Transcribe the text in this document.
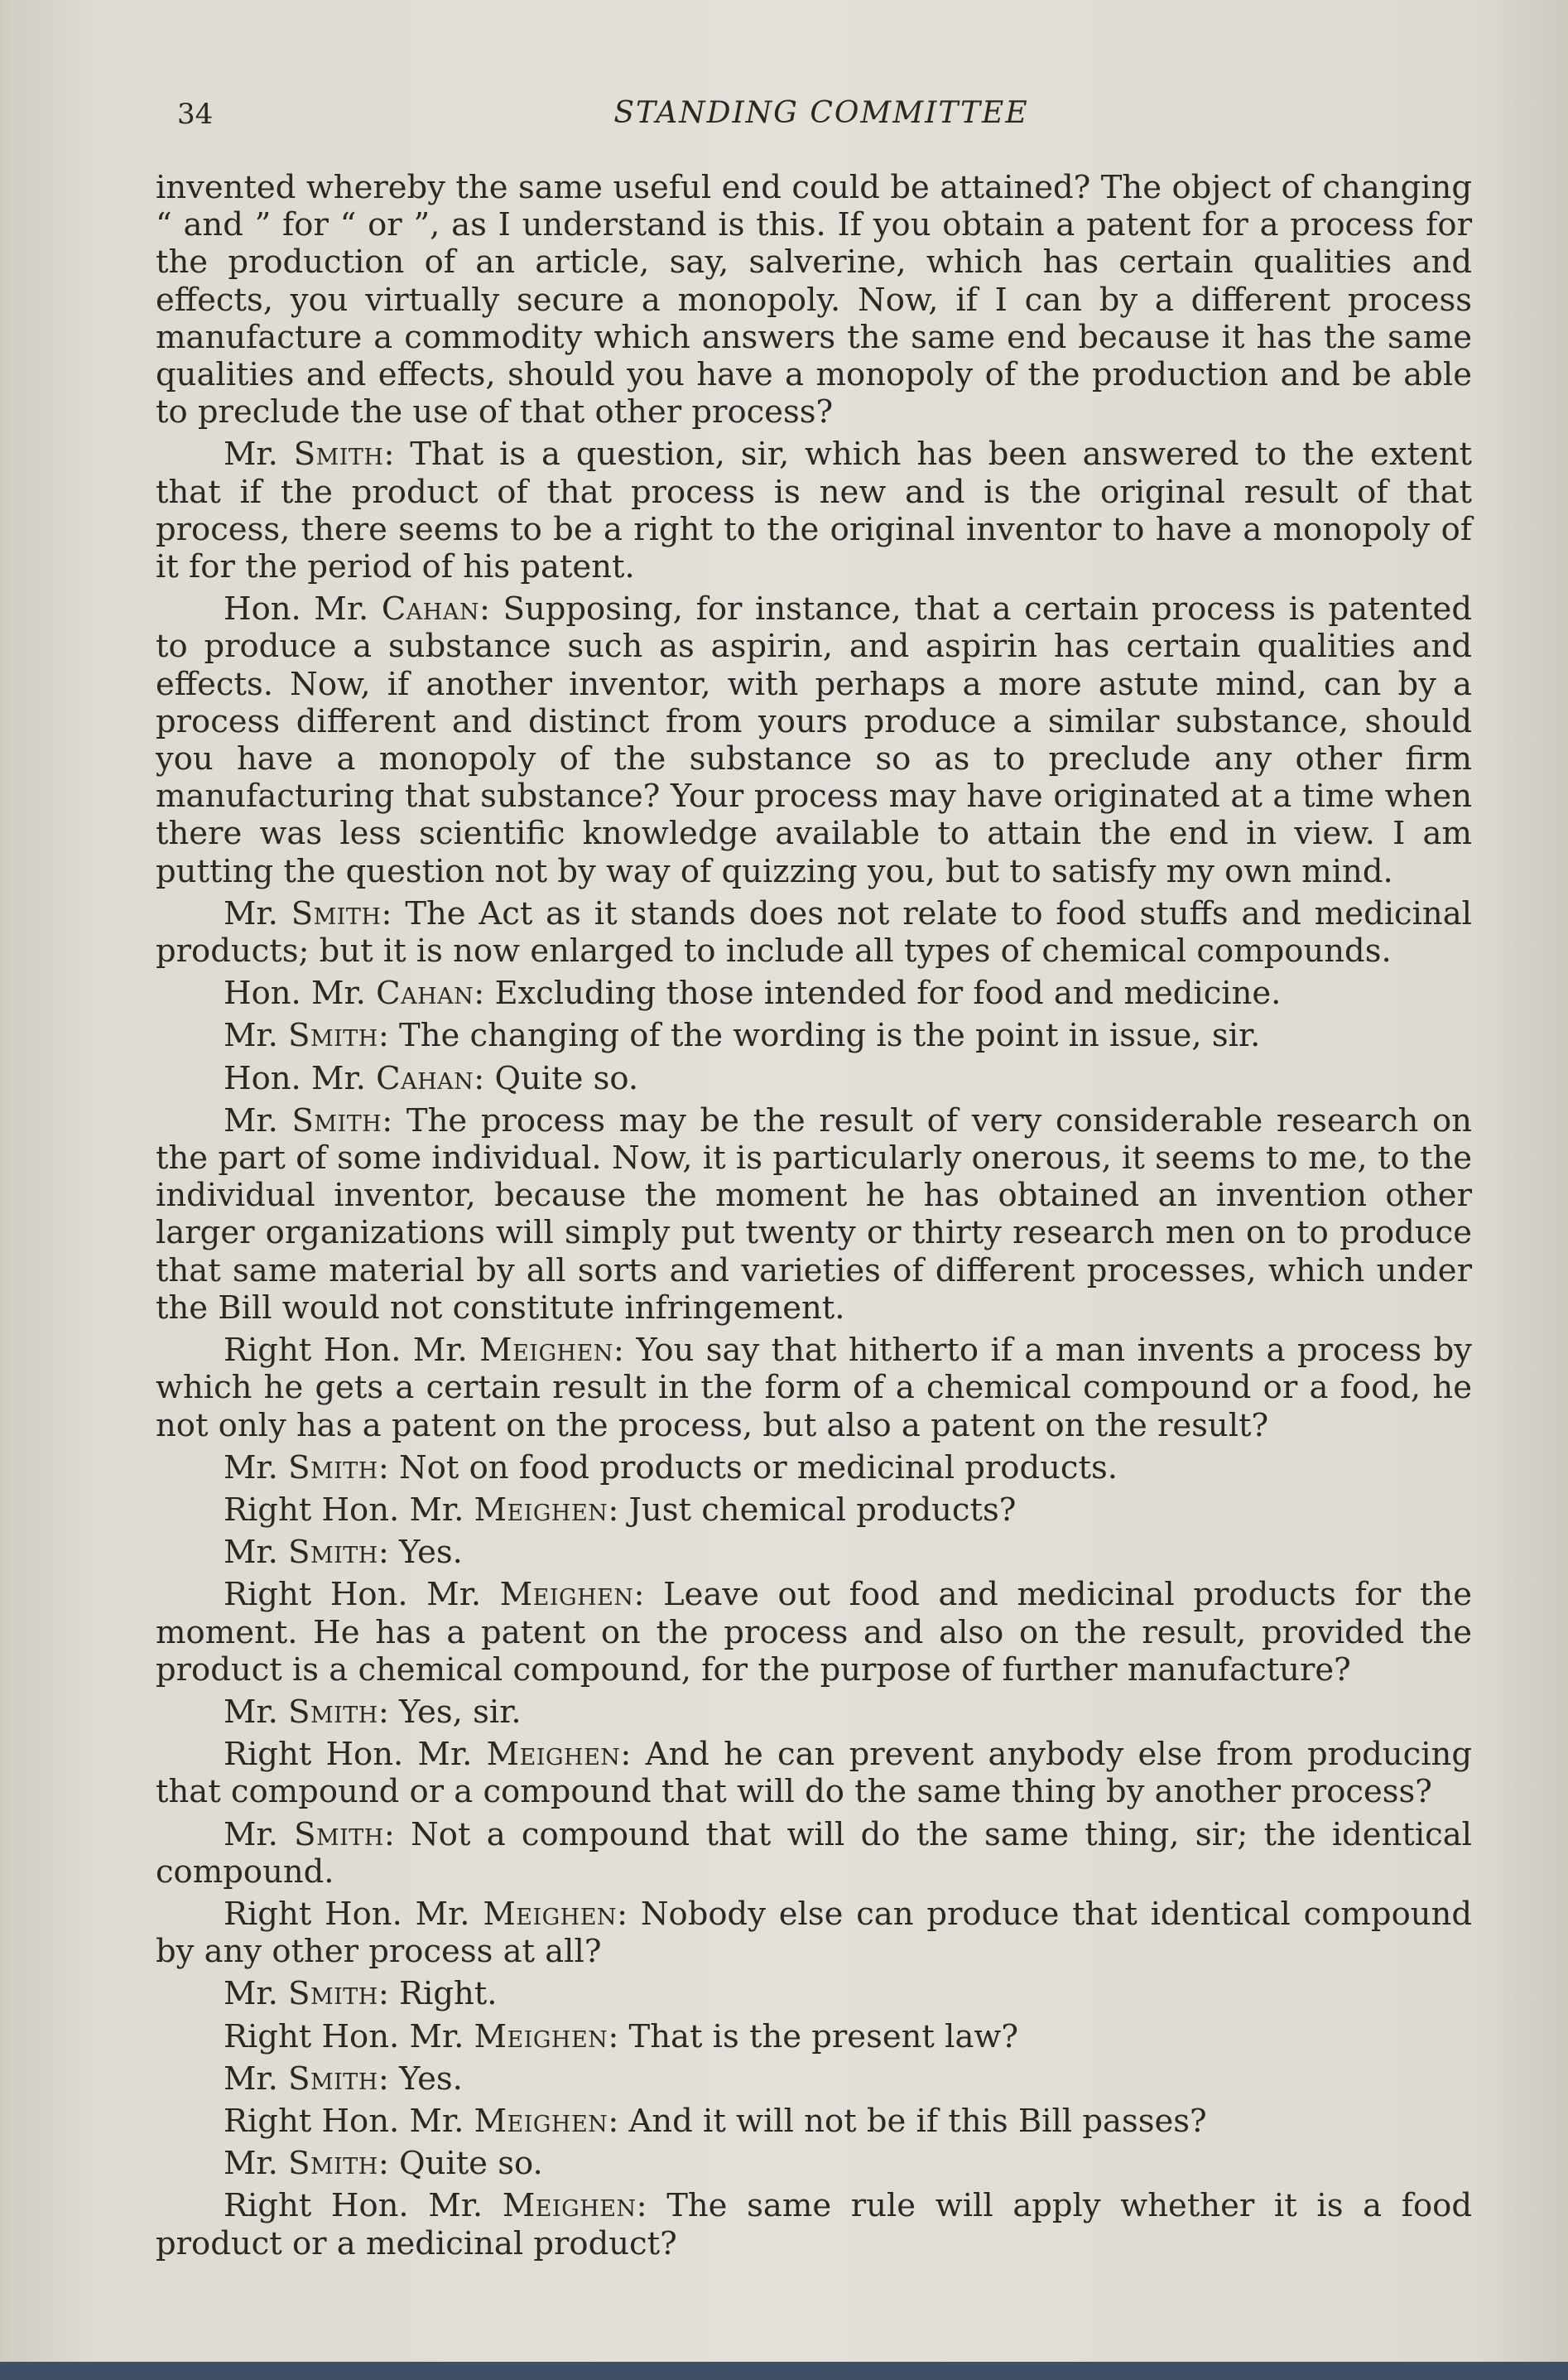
34	STANDING COMMITTEE

invented whereby the same useful end could be attained? The object of changing “ and ” for “ or ”, as I understand is this. If you obtain a patent for a process for the production of an article, say, salverine, which has certain qualities and effects, you virtually secure a monopoly. Now, if I can by a different process manufacture a commodity which answers the same end because it has the same qualities and effects, should you have a monopoly of the production and be able to preclude the use of that other process?

Mr. Smith: That is a question, sir, which has been answered to the extent that if the product of that process is new and is the original result of that process, there seems to be a right to the original inventor to have a monopoly of it for the period of his patent.

Hon. Mr. Cahan: Supposing, for instance, that a certain process is patented to produce a substance such as aspirin, and aspirin has certain qualities and effects. Now, if another inventor, with perhaps a more astute mind, can by a process different and distinct from yours produce a similar substance, should you have a monopoly of the substance so as to preclude any other firm manufacturing that substance? Your process may have originated at a time when there was less scientific knowledge available to attain the end in view. I am putting the question not by way of quizzing you, but to satisfy my own mind.

Mr. Smith: The Act as it stands does not relate to food stuffs and medicinal products; but it is now enlarged to include all types of chemical compounds.

Hon. Mr. Cahan: Excluding those intended for food and medicine.

Mr. Smith: The changing of the wording is the point in issue, sir.

Hon. Mr. Cahan: Quite so.

Mr. Smith: The process may be the result of very considerable research on the part of some individual. Now, it is particularly onerous, it seems to me, to the individual inventor, because the moment he has obtained an invention other larger organizations will simply put twenty or thirty research men on to produce that same material by all sorts and varieties of different processes, which under the Bill would not constitute infringement.

Right Hon. Mr. Meighen: You say that hitherto if a man invents a process by which he gets a certain result in the form of a chemical compound or a food, he not only has a patent on the process, but also a patent on the result?

Mr. Smith: Not on food products or medicinal products.

Right Hon. Mr. Meighen: Just chemical products?

Mr. Smith: Yes.

Right Hon. Mr. Meighen: Leave out food and medicinal products for the moment. He has a patent on the process and also on the result, provided the product is a chemical compound, for the purpose of further manufacture?

Mr. Smith: Yes, sir.

Right Hon. Mr. Meighen: And he can prevent anybody else from producing that compound or a compound that will do the same thing by another process?

Mr. Smith: Not a compound that will do the same thing, sir; the identical compound.

Right Hon. Mr. Meighen: Nobody else can produce that identical compound by any other process at all?

Mr. Smith: Right.

Right Hon. Mr. Meighen: That is the present law?

Mr. Smith: Yes.

Right Hon. Mr. Meighen: And it will not be if this Bill passes?

Mr. Smith: Quite so.

Right Hon. Mr. Meighen: The same rule will apply whether it is a food product or a medicinal product?
